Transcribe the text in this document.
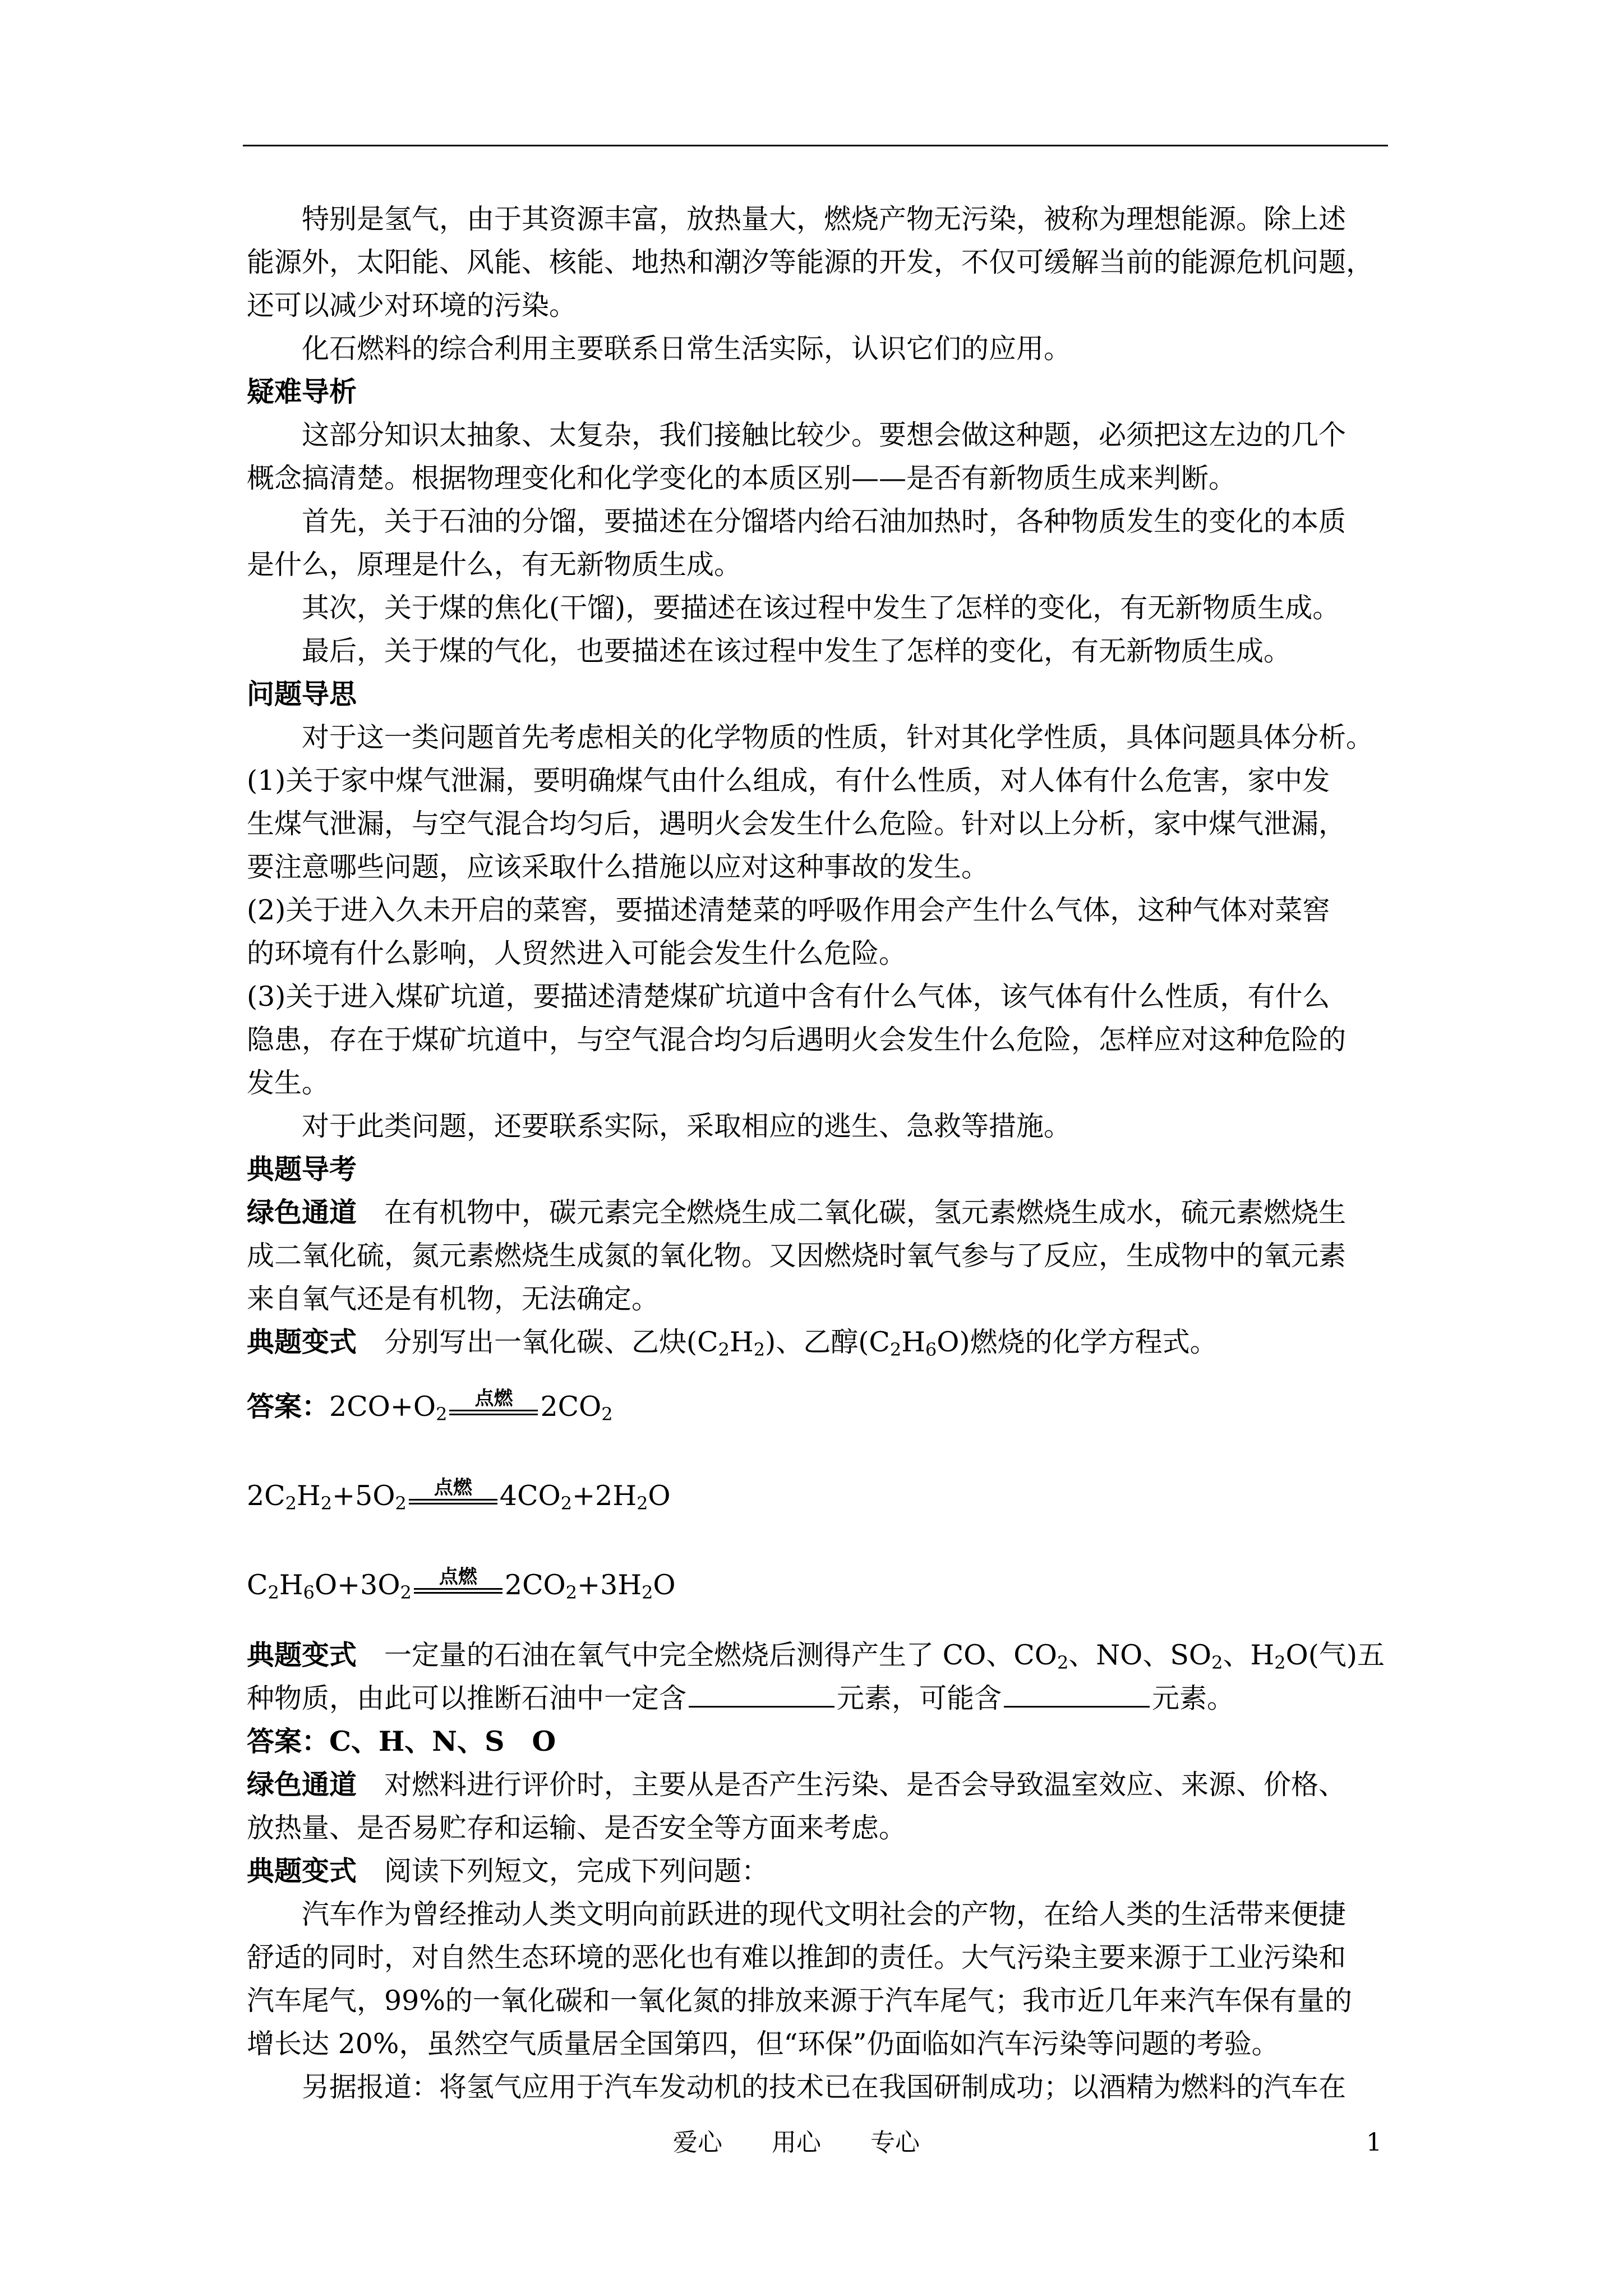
特别是氢气，由于其资源丰富，放热量大，燃烧产物无污染，被称为理想能源。除上述

能源外，太阳能、风能、核能、地热和潮汐等能源的开发，不仅可缓解当前的能源危机问题，

还可以减少对环境的污染。

化石燃料的综合利用主要联系日常生活实际，认识它们的应用。

疑难导析

这部分知识太抽象、太复杂，我们接触比较少。要想会做这种题，必须把这左边的几个

概念搞清楚。根据物理变化和化学变化的本质区别——是否有新物质生成来判断。

首先，关于石油的分馏，要描述在分馏塔内给石油加热时，各种物质发生的变化的本质

是什么，原理是什么，有无新物质生成。

其次，关于煤的焦化(干馏)，要描述在该过程中发生了怎样的变化，有无新物质生成。

最后，关于煤的气化，也要描述在该过程中发生了怎样的变化，有无新物质生成。

问题导思

对于这一类问题首先考虑相关的化学物质的性质，针对其化学性质，具体问题具体分析。

(1)关于家中煤气泄漏，要明确煤气由什么组成，有什么性质，对人体有什么危害，家中发

生煤气泄漏，与空气混合均匀后，遇明火会发生什么危险。针对以上分析，家中煤气泄漏，

要注意哪些问题，应该采取什么措施以应对这种事故的发生。

(2)关于进入久未开启的菜窖，要描述清楚菜的呼吸作用会产生什么气体，这种气体对菜窖

的环境有什么影响，人贸然进入可能会发生什么危险。

(3)关于进入煤矿坑道，要描述清楚煤矿坑道中含有什么气体，该气体有什么性质，有什么

隐患，存在于煤矿坑道中，与空气混合均匀后遇明火会发生什么危险，怎样应对这种危险的

发生。

对于此类问题，还要联系实际，采取相应的逃生、急救等措施。

典题导考

绿色通道　 在有机物中，碳元素完全燃烧生成二氧化碳，氢元素燃烧生成水，硫元素燃烧生

成二氧化硫，氮元素燃烧生成氮的氧化物。又因燃烧时氧气参与了反应，生成物中的氧元素

来自氧气还是有机物，无法确定。

典题变式　 分别写出一氧化碳、乙炔$(C_2H_2)$、乙醇$(C_2H_6O)$燃烧的化学方程式。

答案：$2CO+O_2$
点燃	$2CO_2$

$2C_2H_2+5O_2$
点燃	$4CO_2+2H_2O$

$C_2H_6O+3O_2$
点燃	$2CO_2+3H_2O$

典题变式　 一定量的石油在氧气中完全燃烧后测得产生了 CO、$CO_2$、NO、$SO_2$、$H_2O$(气)五

种物质，由此可以推断石油中一定含	元素，可能含	元素。

答案：C、H、N、S　O

绿色通道　 对燃料进行评价时，主要从是否产生污染、是否会导致温室效应、来源、价格、

放热量、是否易贮存和运输、是否安全等方面来考虑。

典题变式　 阅读下列短文，完成下列问题：

汽车作为曾经推动人类文明向前跃进的现代文明社会的产物，在给人类的生活带来便捷

舒适的同时，对自然生态环境的恶化也有难以推卸的责任。大气污染主要来源于工业污染和

汽车尾气，99%的一氧化碳和一氧化氮的排放来源于汽车尾气；我市近几年来汽车保有量的

增长达 20%，虽然空气质量居全国第四，但“环保”仍面临如汽车污染等问题的考验。

另据报道：将氢气应用于汽车发动机的技术已在我国研制成功；以酒精为燃料的汽车在

爱心　　用心　　专心	1
